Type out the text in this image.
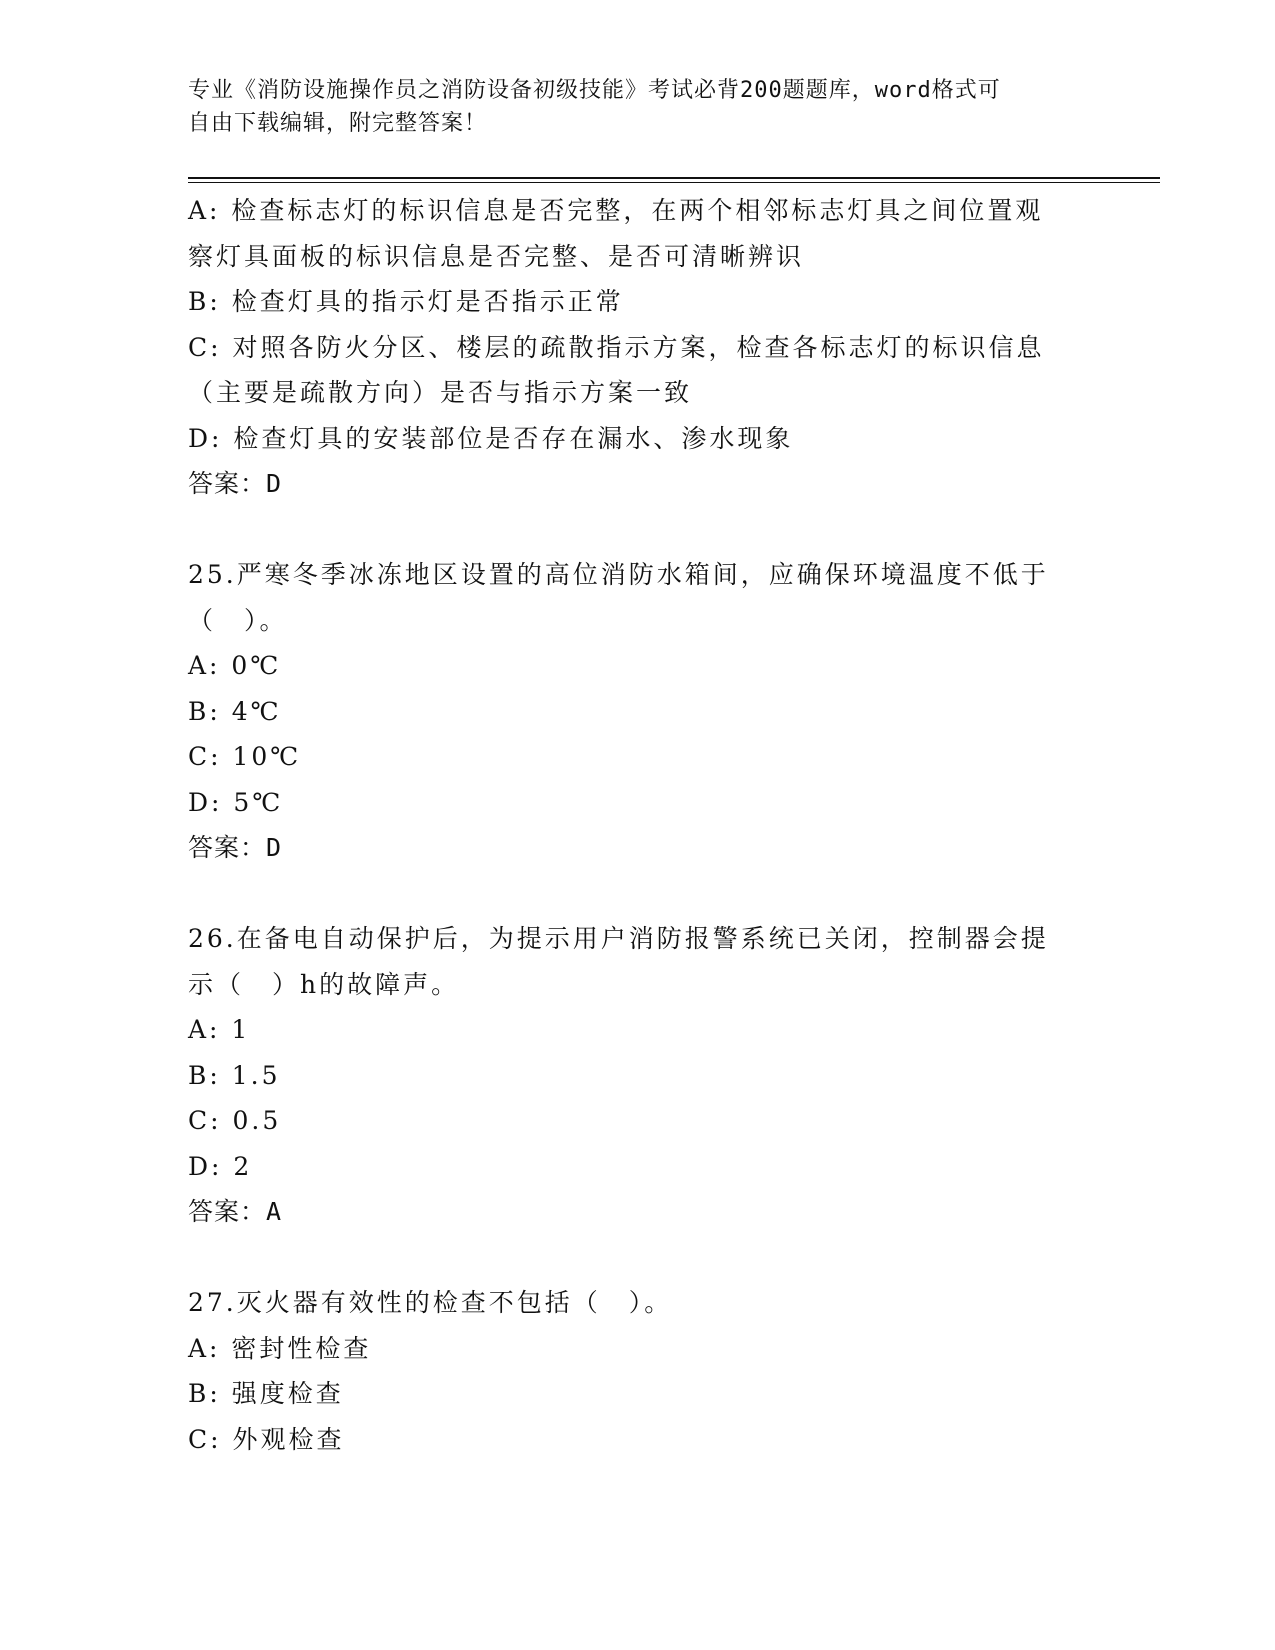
专业《消防设施操作员之消防设备初级技能》考试必背200题题库，word格式可
自由下载编辑，附完整答案！
A: 检查标志灯的标识信息是否完整，在两个相邻标志灯具之间位置观
察灯具面板的标识信息是否完整、是否可清晰辨识
B: 检查灯具的指示灯是否指示正常
C: 对照各防火分区、楼层的疏散指示方案，检查各标志灯的标识信息
（主要是疏散方向）是否与指示方案一致
D: 检查灯具的安装部位是否存在漏水、渗水现象
答案：D
25.严寒冬季冰冻地区设置的高位消防水箱间，应确保环境温度不低于
（　）。
A: 0℃
B: 4℃
C: 10℃
D: 5℃
答案：D
26.在备电自动保护后，为提示用户消防报警系统已关闭，控制器会提
示（　）h的故障声。
A: 1
B: 1.5
C: 0.5
D: 2
答案：A
27.灭火器有效性的检查不包括（　）。
A: 密封性检查
B: 强度检查
C: 外观检查
